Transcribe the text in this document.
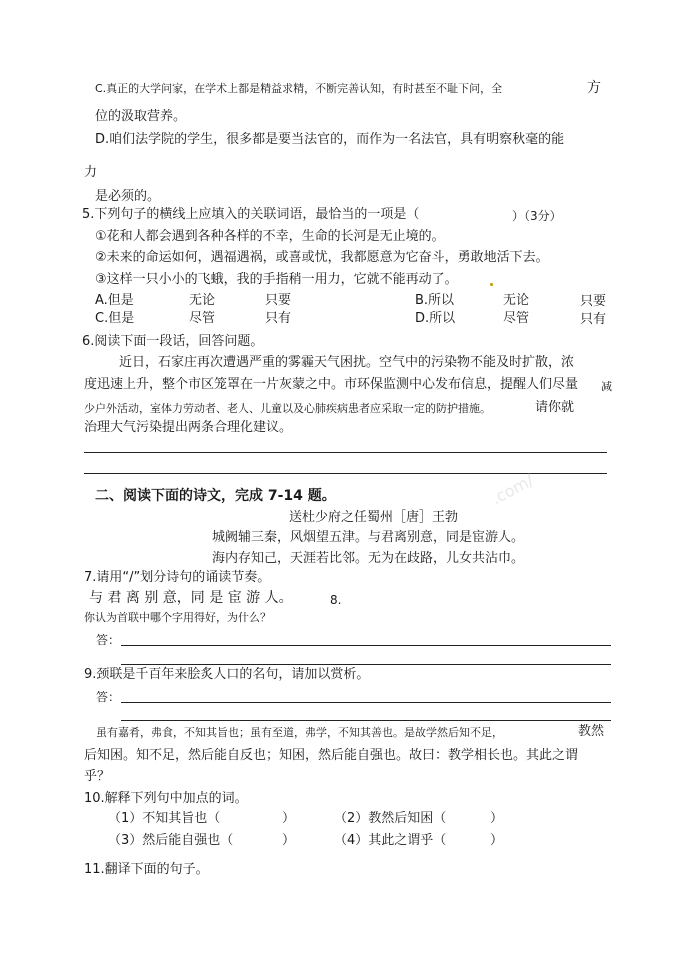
C.真正的大学问家，在学术上都是精益求精，不断完善认知，有时甚至不耻下问，全	方
位的汲取营养。
D.咱们法学院的学生，很多都是要当法官的，而作为一名法官，具有明察秋毫的能
力
是必须的。
5.下列句子的横线上应填入的关联词语，最恰当的一项是（	）（3分）
①花和人都会遇到各种各样的不幸，生命的长河是无止境的。
②未来的命运如何，遇福遇祸，或喜或忧，我都愿意为它奋斗，勇敢地活下去。
③这样一只小小的飞蛾，我的手指稍一用力，它就不能再动了。
A.但是	无论	只要	B.所以	无论	只要
C.但是	尽管	只有	D.所以	尽管	只有
6.阅读下面一段话，回答问题。
近日，石家庄再次遭遇严重的雾霾天气困扰。空气中的污染物不能及时扩散，浓
度迅速上升，整个市区笼罩在一片灰蒙之中。市环保监测中心发布信息，提醒人们尽量 减
少户外活动，室体力劳动者、老人、儿童以及心肺疾病患者应采取一定的防护措施。	请你就
治理大气污染提出两条合理化建议。
二、阅读下面的诗文，完成 7-14 题。	.com/
送杜少府之任蜀州［唐］王勃
城阙辅三秦，风烟望五津。与君离别意，同是宦游人。
海内存知己，天涯若比邻。无为在歧路，儿女共沾巾。
7.请用“/”划分诗句的诵读节奏。
与 君 离 别 意，同 是 宦 游 人。	8.
你认为首联中哪个字用得好，为什么？
答：
9.颈联是千百年来脍炙人口的名句，请加以赏析。
答：
虽有嘉肴，弗食，不知其旨也；虽有至道，弗学，不知其善也。是故学然后知不足，	教然
后知困。知不足，然后能自反也；知困，然后能自强也。故曰：教学相长也。其此之谓
乎？
10.解释下列句中加点的词。
（1）不知其旨也（	）	（2）教然后知困（	）
（3）然后能自强也（	）	（4）其此之谓乎（	）
11.翻译下面的句子。
